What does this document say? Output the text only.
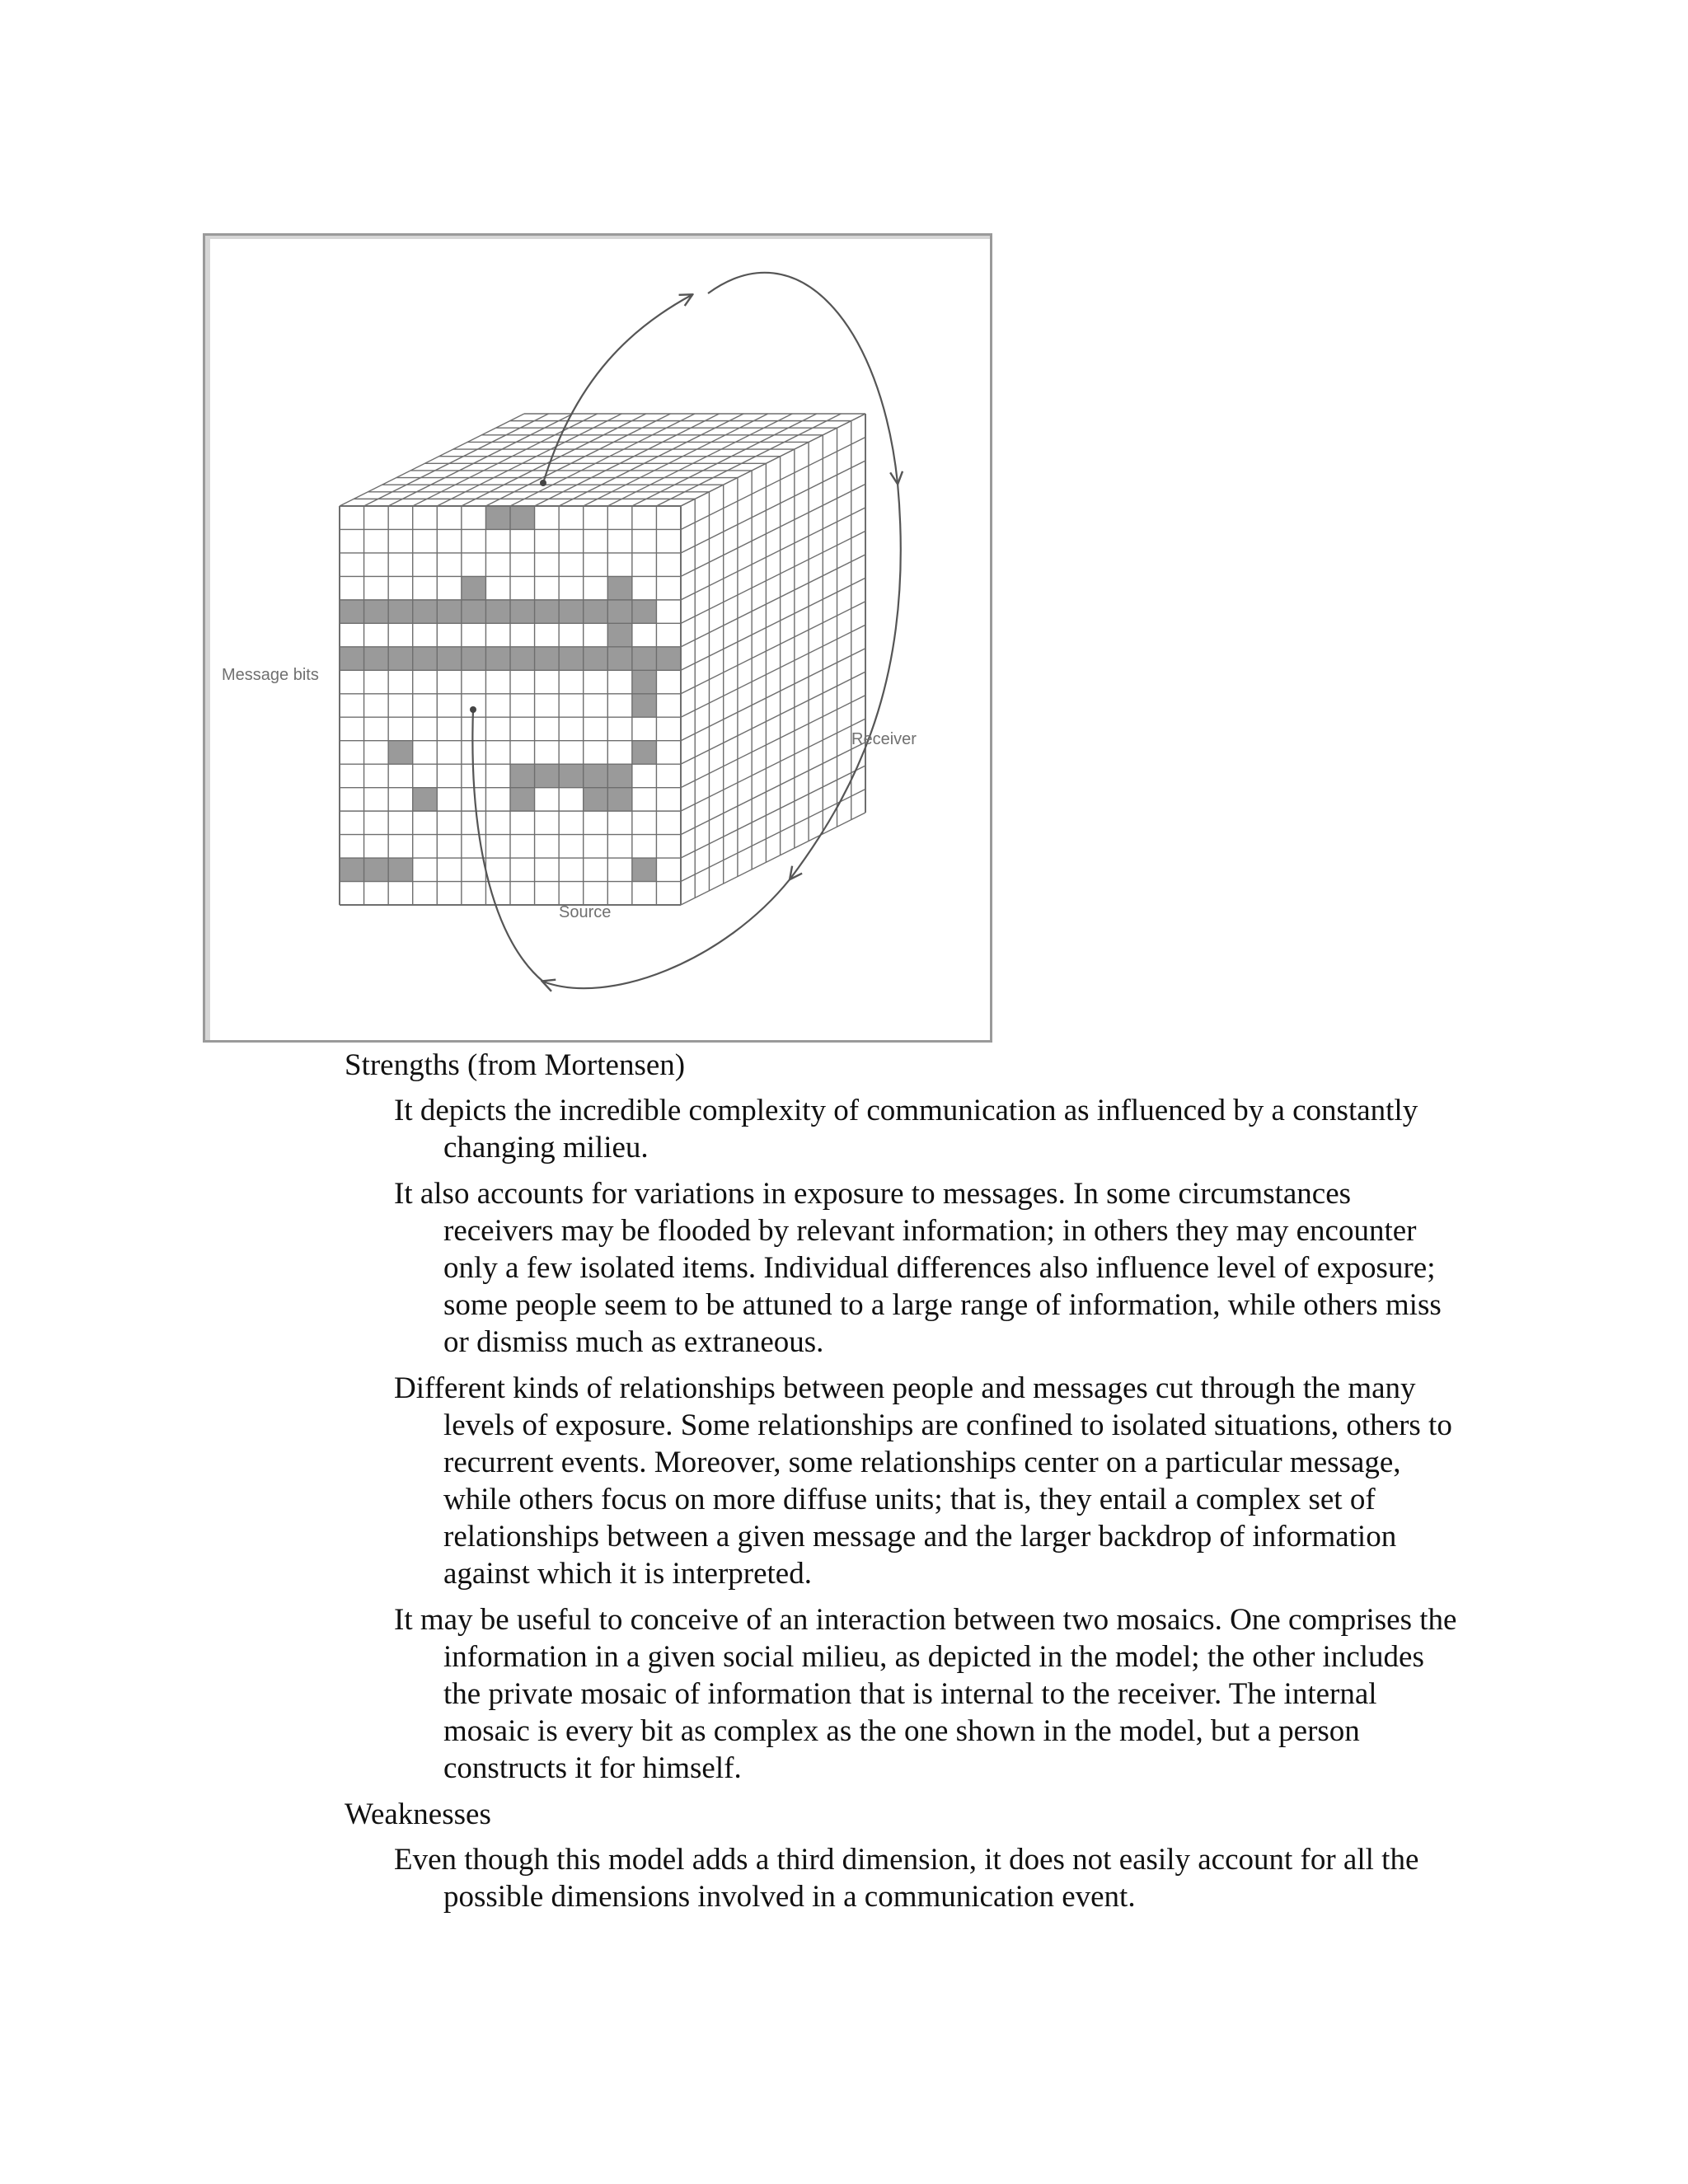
Message bits
Receiver
Source

Strengths (from Mortensen)

It depicts the incredible complexity of communication as influenced by a constantly changing milieu.

It also accounts for variations in exposure to messages. In some circumstances receivers may be flooded by relevant information; in others they may encounter only a few isolated items. Individual differences also influence level of exposure; some people seem to be attuned to a large range of information, while others miss or dismiss much as extraneous.

Different kinds of relationships between people and messages cut through the many levels of exposure. Some relationships are confined to isolated situations, others to recurrent events. Moreover, some relationships center on a particular message, while others focus on more diffuse units; that is, they entail a complex set of relationships between a given message and the larger backdrop of information against which it is interpreted.

It may be useful to conceive of an interaction between two mosaics. One comprises the information in a given social milieu, as depicted in the model; the other includes the private mosaic of information that is internal to the receiver. The internal mosaic is every bit as complex as the one shown in the model, but a person constructs it for himself.

Weaknesses

Even though this model adds a third dimension, it does not easily account for all the possible dimensions involved in a communication event.
